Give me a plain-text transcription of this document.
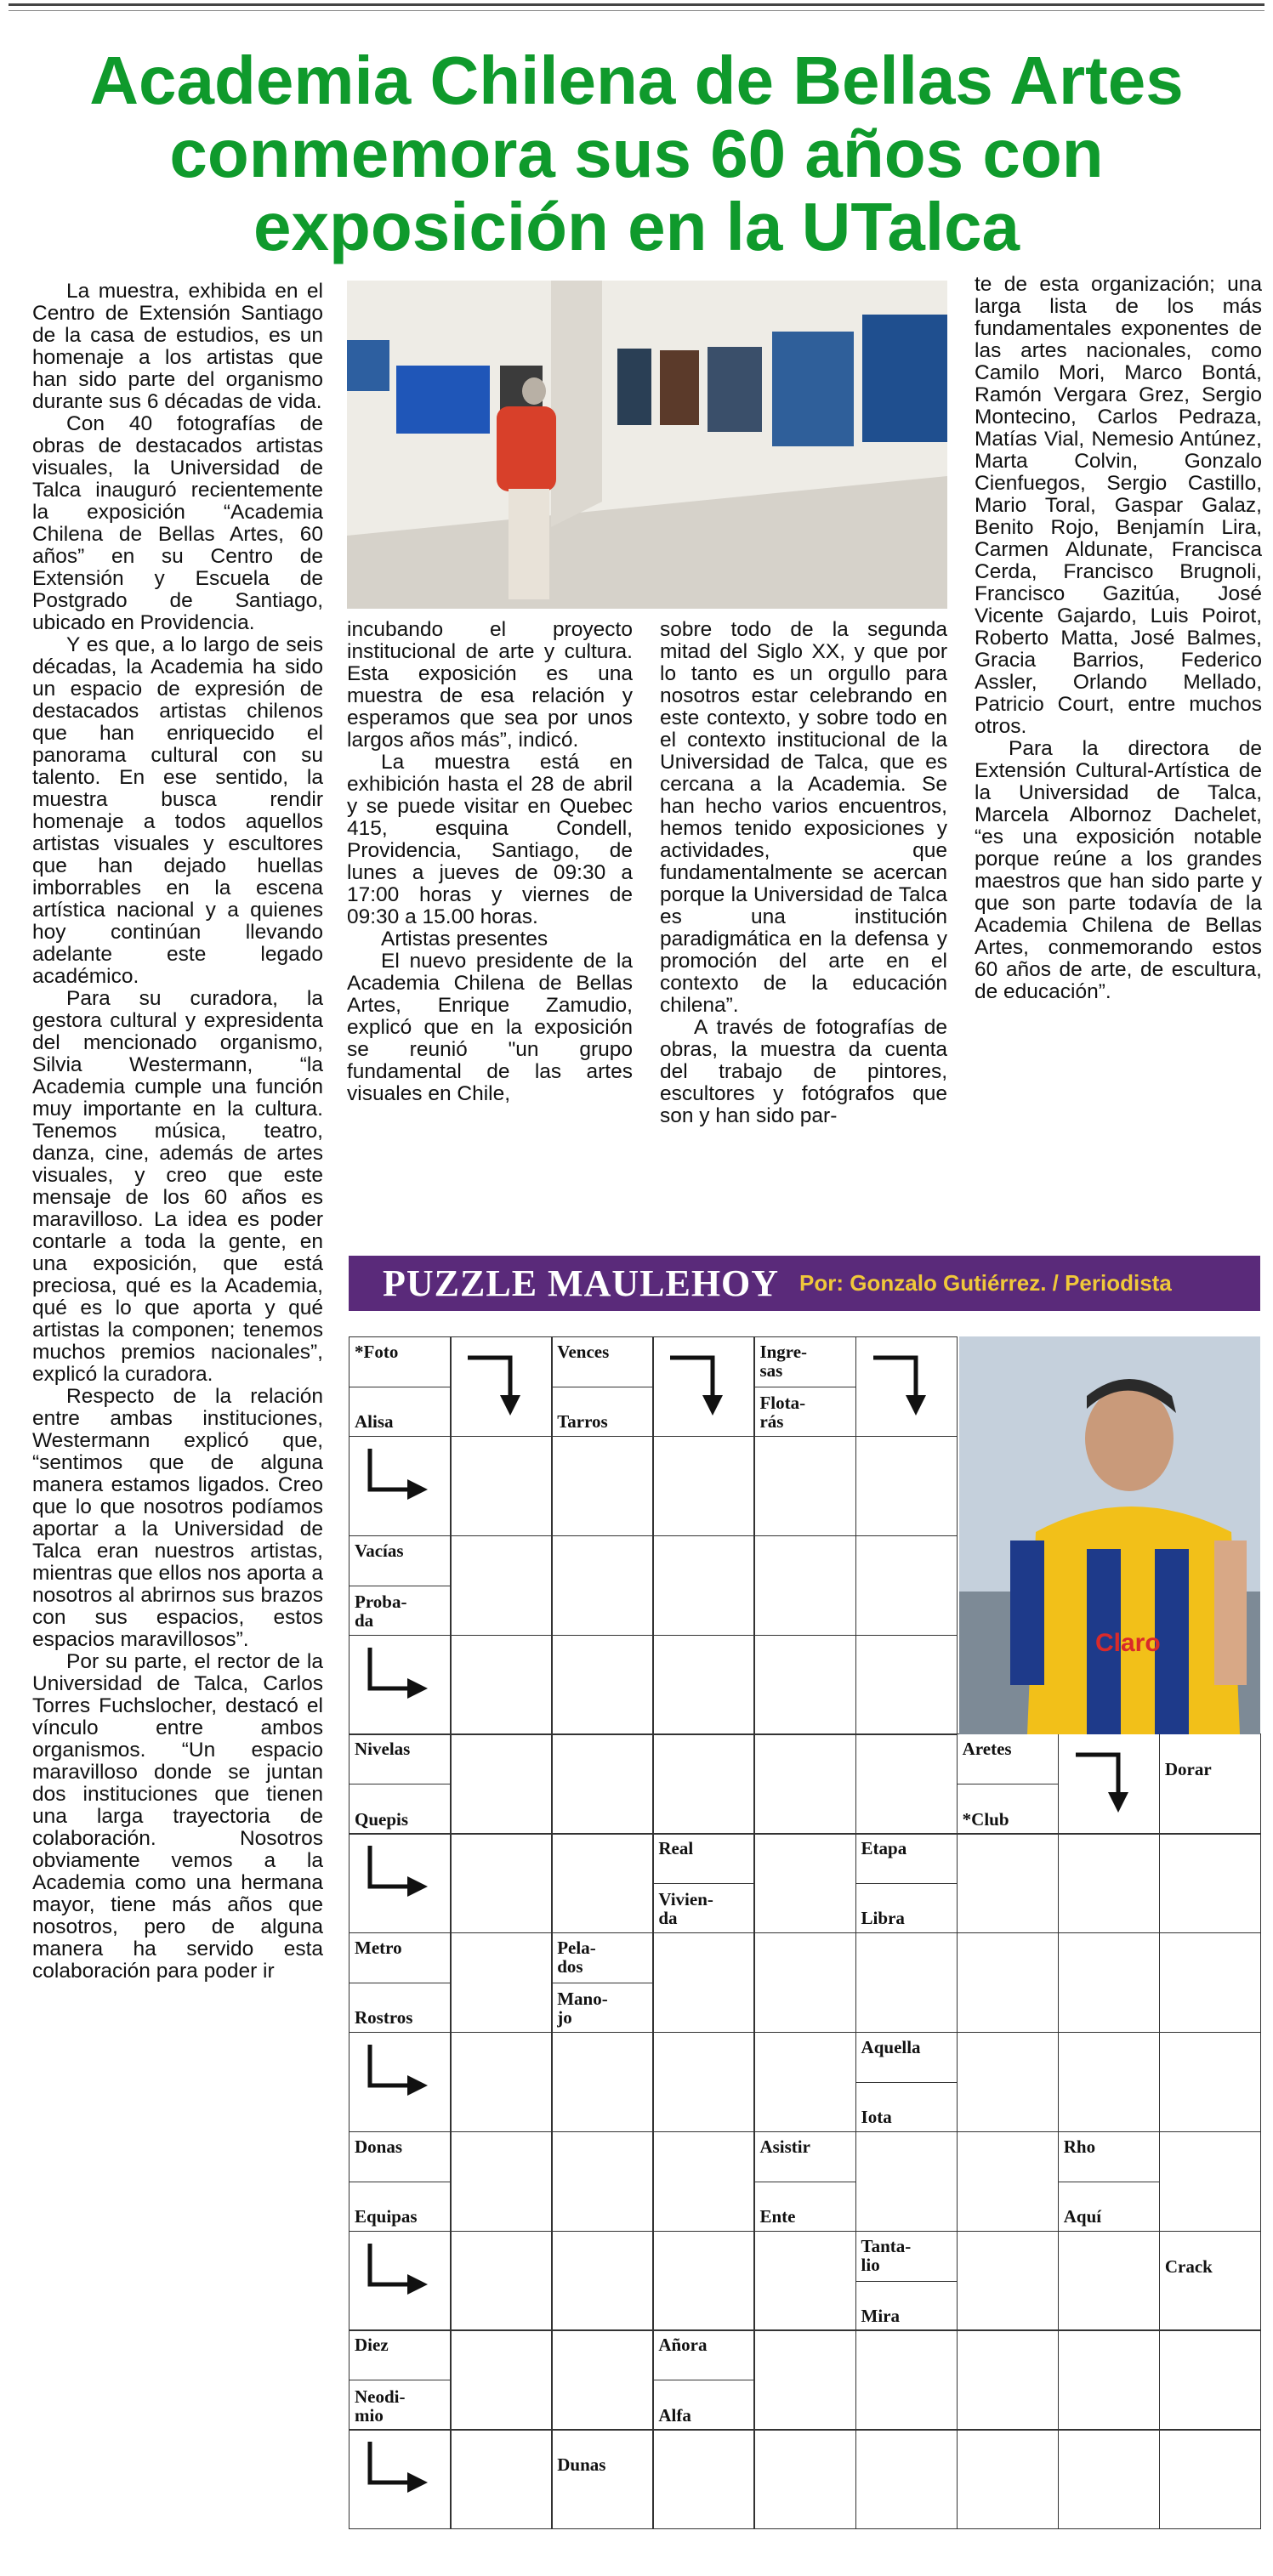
Academia Chilena de Bellas Artes conmemora sus 60 años con exposición en la UTalca

La muestra, exhibida en el Centro de Extensión Santiago de la casa de estudios, es un homenaje a los artistas que han sido parte del organismo durante sus 6 décadas de vida.

Con 40 fotografías de obras de destacados artistas visuales, la Universidad de Talca inauguró recientemente la exposición “Academia Chilena de Bellas Artes, 60 años” en su Centro de Extensión y Escuela de Postgrado de Santiago, ubicado en Providencia.

Y es que, a lo largo de seis décadas, la Academia ha sido un espacio de expresión de destacados artistas chilenos que han enriquecido el panorama cultural con su talento. En ese sentido, la muestra busca rendir homenaje a todos aquellos artistas visuales y escultores que han dejado huellas imborrables en la escena artística nacional y a quienes hoy continúan llevando adelante este legado académico.

Para su curadora, la gestora cultural y expresidenta del mencionado organismo, Silvia Westermann, “la Academia cumple una función muy importante en la cultura. Tenemos música, teatro, danza, cine, además de artes visuales, y creo que este mensaje de los 60 años es maravilloso. La idea es poder contarle a toda la gente, en una exposición, que está preciosa, qué es la Academia, qué es lo que aporta y qué artistas la componen; tenemos muchos premios nacionales”, explicó la curadora.

Respecto de la relación entre ambas instituciones, Westermann explicó que, “sentimos que de alguna manera estamos ligados. Creo que lo que nosotros podíamos aportar a la Universidad de Talca eran nuestros artistas, mientras que ellos nos aporta a nosotros al abrirnos sus brazos con sus espacios, estos espacios maravillosos”.

Por su parte, el rector de la Universidad de Talca, Carlos Torres Fuchslocher, destacó el vínculo entre ambos organismos. “Un espacio maravilloso donde se juntan dos instituciones que tienen una larga trayectoria de colaboración. Nosotros obviamente vemos a la Academia como una hermana mayor, tiene más años que nosotros, pero de alguna manera ha servido esta colaboración para poder ir

incubando el proyecto institucional de arte y cultura. Esta exposición es una muestra de esa relación y esperamos que sea por unos largos años más”, indicó.

La muestra está en exhibición hasta el 28 de abril y se puede visitar en Quebec 415, esquina Condell, Providencia, Santiago, de lunes a jueves de 09:30 a 17:00 horas y viernes de 09:30 a 15.00 horas.

Artistas presentes

El nuevo presidente de la Academia Chilena de Bellas Artes, Enrique Zamudio, explicó que en la exposición se reunió "un grupo fundamental de las artes visuales en Chile,

sobre todo de la segunda mitad del Siglo XX, y que por lo tanto es un orgullo para nosotros estar celebrando en este contexto, y sobre todo en el contexto institucional de la Universidad de Talca, que es cercana a la Academia. Se han hecho varios encuentros, hemos tenido exposiciones y actividades, que fundamentalmente se acercan porque la Universidad de Talca es una institución paradigmática en la defensa y promoción del arte en el contexto de la educación chilena”.

A través de fotografías de obras, la muestra da cuenta del trabajo de pintores, escultores y fotógrafos que son y han sido par-

te de esta organización; una larga lista de los más fundamentales exponentes de las artes nacionales, como Camilo Mori, Marco Bontá, Ramón Vergara Grez, Sergio Montecino, Carlos Pedraza, Matías Vial, Nemesio Antúnez, Marta Colvin, Gonzalo Cienfuegos, Sergio Castillo, Mario Toral, Gaspar Galaz, Benito Rojo, Benjamín Lira, Carmen Aldunate, Francisca Cerda, Francisco Brugnoli, Francisco Gazitúa, José Vicente Gajardo, Luis Poirot, Roberto Matta, José Balmes, Gracia Barrios, Federico Assler, Orlando Mellado, Patricio Court, entre muchos otros.

Para la directora de Extensión Cultural-Artística de la Universidad de Talca, Marcela Albornoz Dachelet, “es una exposición notable porque reúne a los grandes maestros que han sido parte y que son parte todavía de la Academia Chilena de Bellas Artes, conmemorando estos 60 años de arte, de escultura, de educación”.

PUZZLE MAULEHOY Por: Gonzalo Gutiérrez. / Periodista
*Foto
Alisa
Vences
Tarros
Ingre-
sas
Flota-
rás
Vacías
Proba-
da
Nivelas
Quepis
Aretes
*Club
Dorar
Real
Vivien-
da
Etapa
Libra
Metro
Rostros
Pela-
dos
Mano-
jo
Aquella
Iota
Donas
Equipas
Asistir
Ente
Rho
Aquí
Tanta-
lio
Mira
Crack
Diez
Neodi-
mio
Añora
Alfa
Dunas
Claro
